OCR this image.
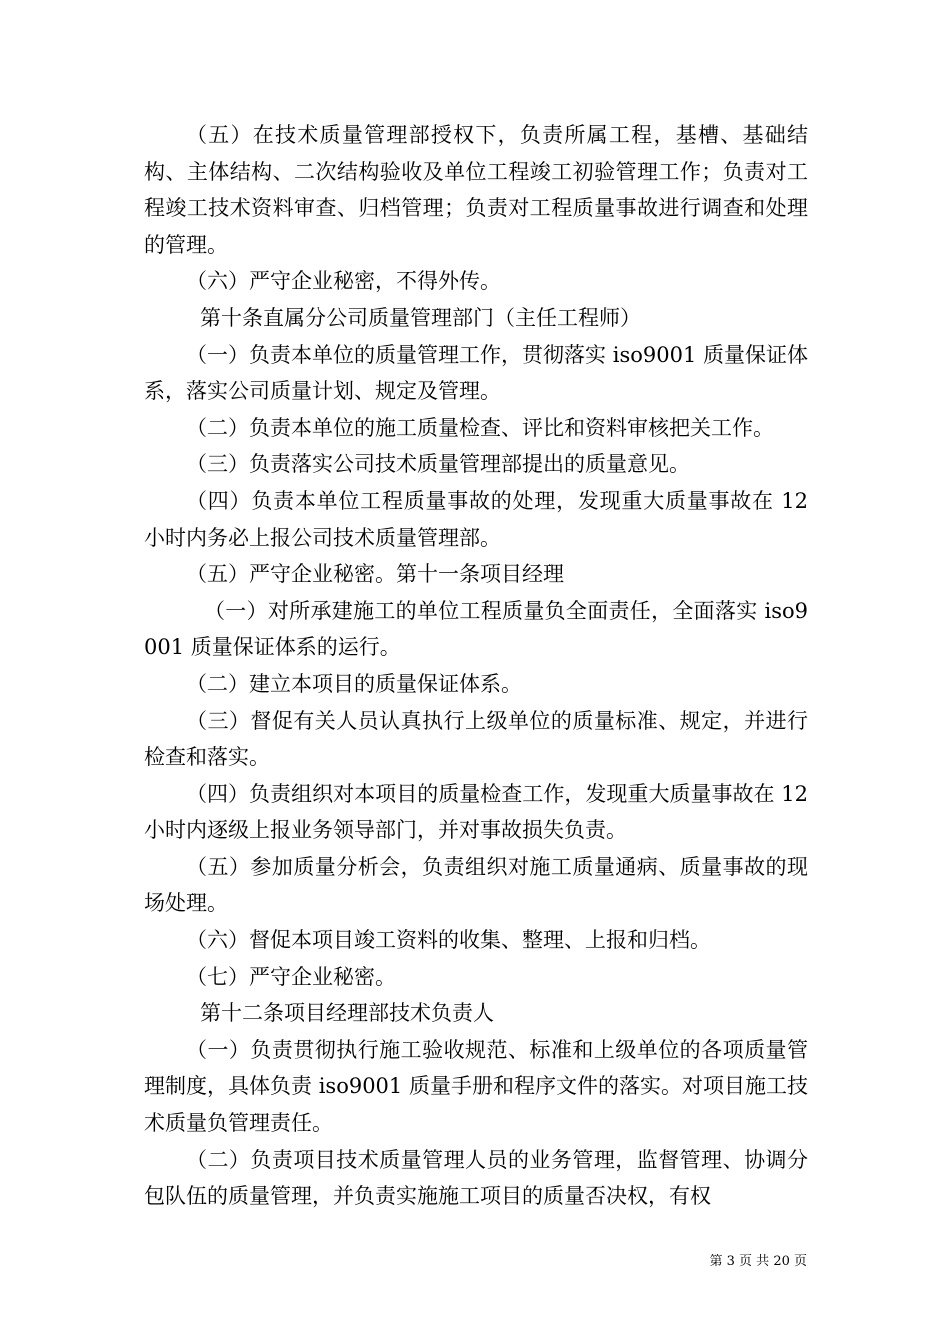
（五）在技术质量管理部授权下，负责所属工程，基槽、基础结构、主体结构、二次结构验收及单位工程竣工初验管理工作；负责对工程竣工技术资料审查、归档管理；负责对工程质量事故进行调查和处理的管理。

（六）严守企业秘密，不得外传。

第十条直属分公司质量管理部门（主任工程师）

（一）负责本单位的质量管理工作，贯彻落实 iso9001 质量保证体系，落实公司质量计划、规定及管理。

（二）负责本单位的施工质量检查、评比和资料审核把关工作。

（三）负责落实公司技术质量管理部提出的质量意见。

（四）负责本单位工程质量事故的处理，发现重大质量事故在 12 小时内务必上报公司技术质量管理部。

（五）严守企业秘密。第十一条项目经理

（一）对所承建施工的单位工程质量负全面责任，全面落实 iso9001 质量保证体系的运行。

（二）建立本项目的质量保证体系。

（三）督促有关人员认真执行上级单位的质量标准、规定，并进行检查和落实。

（四）负责组织对本项目的质量检查工作，发现重大质量事故在 12 小时内逐级上报业务领导部门，并对事故损失负责。

（五）参加质量分析会，负责组织对施工质量通病、质量事故的现场处理。

（六）督促本项目竣工资料的收集、整理、上报和归档。

（七）严守企业秘密。

第十二条项目经理部技术负责人

（一）负责贯彻执行施工验收规范、标准和上级单位的各项质量管理制度，具体负责 iso9001 质量手册和程序文件的落实。对项目施工技术质量负管理责任。

（二）负责项目技术质量管理人员的业务管理，监督管理、协调分包队伍的质量管理，并负责实施施工项目的质量否决权，有权

第 3 页 共 20 页
